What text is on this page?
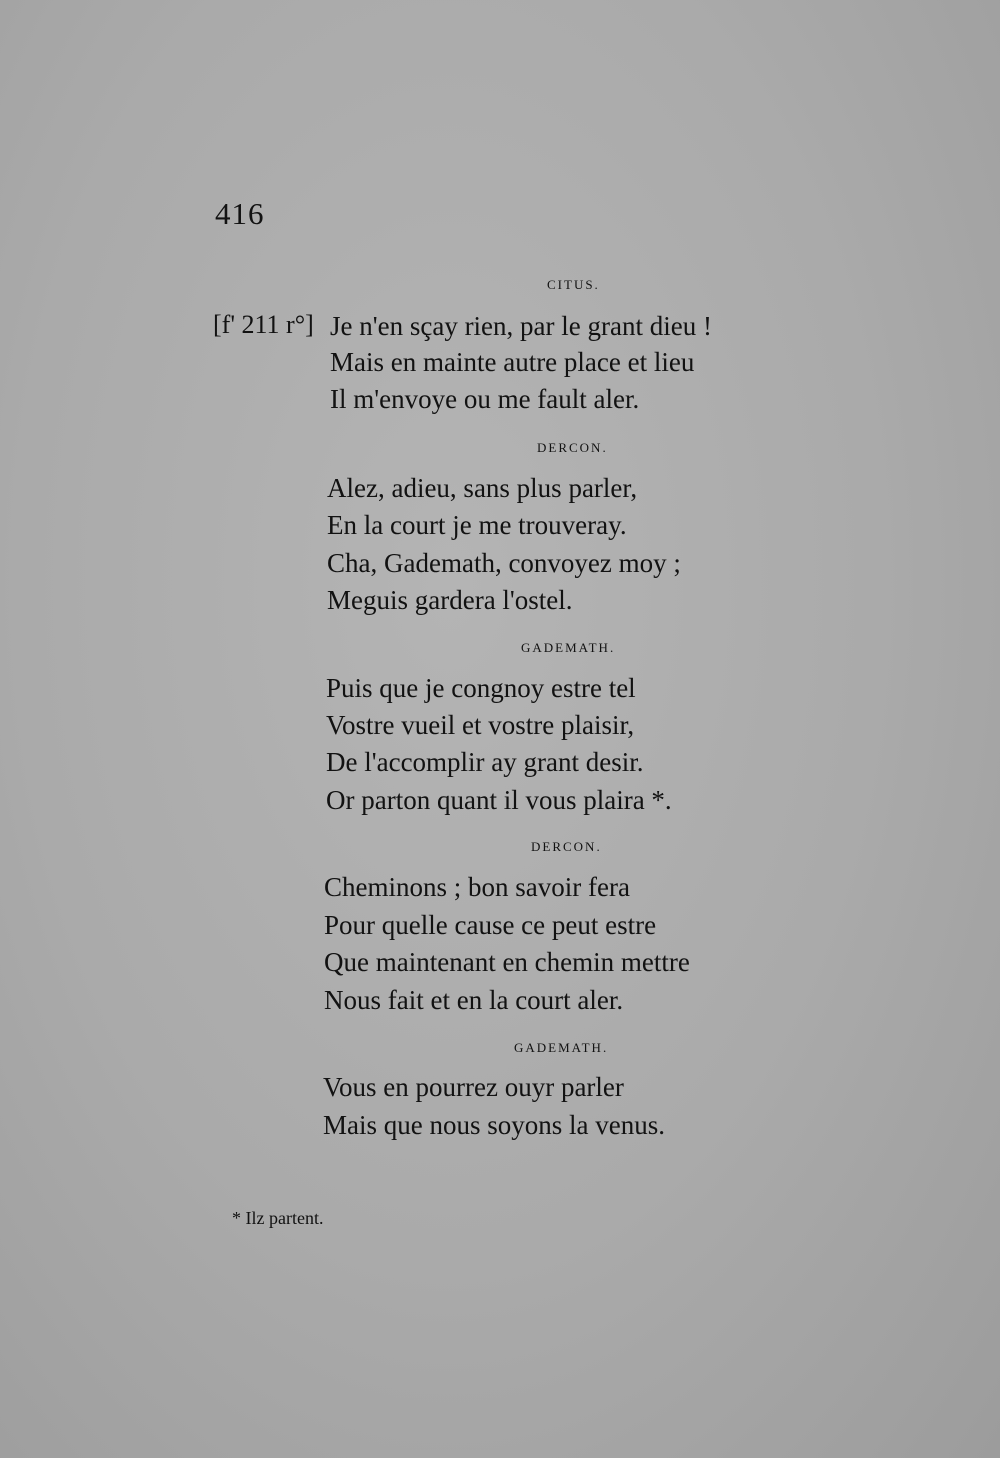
416
CITUS.
[f' 211 r°] Je n'en sçay rien, par le grant dieu !
Mais en mainte autre place et lieu
Il m'envoye ou me fault aler.
DERCON.
Alez, adieu, sans plus parler,
En la court je me trouveray.
Cha, Gademath, convoyez moy ;
Meguis gardera l'ostel.
GADEMATH.
Puis que je congnoy estre tel
Vostre vueil et vostre plaisir,
De l'accomplir ay grant desir.
Or parton quant il vous plaira *.
DERCON.
Cheminons ; bon savoir fera
Pour quelle cause ce peut estre
Que maintenant en chemin mettre
Nous fait et en la court aler.
GADEMATH.
Vous en pourrez ouyr parler
Mais que nous soyons la venus.
* Ilz partent.
